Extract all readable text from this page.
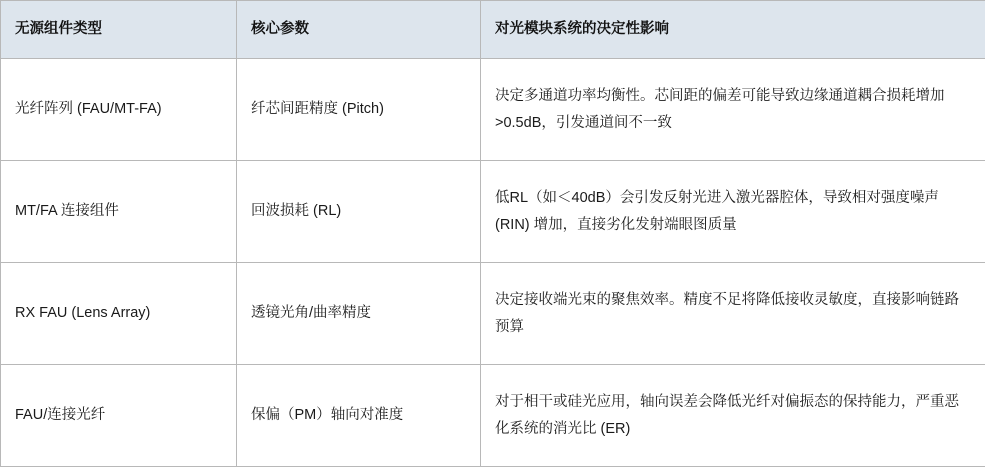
无源组件类型	核心参数	对光模块系统的决定性影响
光纤阵列 (FAU/MT-FA)	纤芯间距精度 (Pitch)	决定多通道功率均衡性。芯间距的偏差可能导致边缘通道耦合损耗增加>0.5dB，引发通道间不一致
MT/FA 连接组件	回波损耗 (RL)	低RL（如＜40dB）会引发反射光进入激光器腔体，导致相对强度噪声 (RIN) 增加，直接劣化发射端眼图质量
RX FAU (Lens Array)	透镜光角/曲率精度	决定接收端光束的聚焦效率。精度不足将降低接收灵敏度，直接影响链路预算
FAU/连接光纤	保偏（PM）轴向对准度	对于相干或硅光应用，轴向误差会降低光纤对偏振态的保持能力，严重恶化系统的消光比 (ER)
